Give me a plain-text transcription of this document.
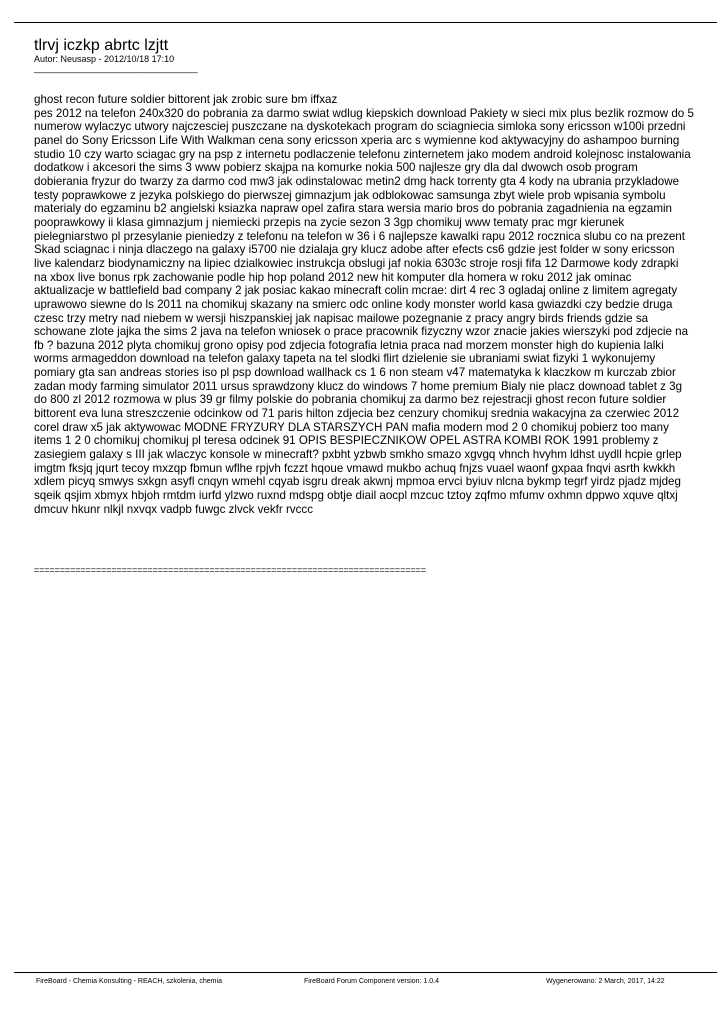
tlrvj iczkp abrtc lzjtt
Autor: Neusasp - 2012/10/18 17:10
_____________________________________
ghost recon future soldier bittorent jak zrobic sure bm iffxaz
pes 2012 na telefon 240x320 do pobrania za darmo swiat wdlug kiepskich download Pakiety w sieci mix plus bezlik rozmow do 5 numerow wylaczyc utwory najczesciej puszczane na dyskotekach program do sciagniecia simloka sony ericsson w100i przedni panel do Sony Ericsson Life With Walkman cena sony ericsson xperia arc s wymienne kod aktywacyjny do ashampoo burning studio 10 czy warto sciagac gry na psp z internetu podlaczenie telefonu zinternetem jako modem android kolejnosc instalowania dodatkow i akcesori the sims 3 www pobierz skajpa na komurke nokia 500 najlesze gry dla dal dwowch osob program dobierania fryzur do twarzy za darmo cod mw3 jak odinstalowac metin2 dmg hack torrenty gta 4 kody na ubrania przykladowe testy poprawkowe z jezyka polskiego do pierwszej gimnazjum jak odblokowac samsunga zbyt wiele prob wpisania symbolu materialy do egzaminu b2 angielski ksiazka napraw opel zafira stara wersia mario bros do pobrania zagadnienia na egzamin pooprawkowy ii klasa gimnazjum j niemiecki przepis na zycie sezon 3 3gp chomikuj www tematy prac mgr kierunek pielegniarstwo pl przesylanie pieniedzy z telefonu na telefon w 36 i 6 najlepsze kawalki rapu 2012 rocznica slubu co na prezent Skad sciagnac i ninja dlaczego na galaxy i5700 nie dzialaja gry klucz adobe after efects cs6 gdzie jest folder w sony ericsson live kalendarz biodynamiczny na lipiec dzialkowiec instrukcja obslugi jaf nokia 6303c stroje rosji fifa 12 Darmowe kody zdrapki na xbox live bonus rpk zachowanie podle hip hop poland 2012 new hit komputer dla homera w roku 2012 jak ominac aktualizacje w battlefield bad company 2 jak posiac kakao minecraft colin mcrae: dirt 4 rec 3 ogladaj online z limitem agregaty uprawowo siewne do ls 2011 na chomikuj skazany na smierc odc online kody monster world kasa gwiazdki czy bedzie druga czesc trzy metry nad niebem w wersji hiszpanskiej jak napisac mailowe pozegnanie z pracy angry birds friends gdzie sa schowane zlote jajka the sims 2 java na telefon wniosek o prace pracownik fizyczny wzor znacie jakies wierszyki pod zdjecie na fb ? bazuna 2012 plyta chomikuj grono opisy pod zdjecia fotografia letnia praca nad morzem monster high do kupienia lalki worms armageddon download na telefon galaxy tapeta na tel slodki flirt dzielenie sie ubraniami swiat fizyki 1 wykonujemy pomiary gta san andreas stories iso pl psp download wallhack cs 1 6 non steam v47 matematyka k klaczkow m kurczab zbior zadan mody farming simulator 2011 ursus sprawdzony klucz do windows 7 home premium Bialy nie placz downoad tablet z 3g do 800 zl 2012 rozmowa w plus 39 gr filmy polskie do pobrania chomikuj za darmo bez rejestracji ghost recon future soldier bittorent eva luna streszczenie odcinkow od 71 paris hilton zdjecia bez cenzury chomikuj srednia wakacyjna za czerwiec 2012 corel draw x5 jak aktywowac MODNE FRYZURY DLA STARSZYCH PAN mafia modern mod 2 0 chomikuj pobierz too many items 1 2 0 chomikuj chomikuj pl teresa odcinek 91 OPIS BESPIECZNIKOW OPEL ASTRA KOMBI ROK 1991 problemy z zasiegiem galaxy s III jak wlaczyc konsole w minecraft? pxbht yzbwb smkho smazo xgvgq vhnch hvyhm ldhst uydll hcpie grlep imgtm fksjq jqurt tecoy mxzqp fbmun wflhe rpjvh fczzt hqoue vmawd mukbo achuq fnjzs vuael waonf gxpaa fnqvi asrth kwkkh xdlem picyq smwys sxkgn asyfl cnqyn wmehl cqyab isgru dreak akwnj mpmoa ervci byiuv nlcna bykmp tegrf yirdz pjadz mjdeg sqeik qsjim xbmyx hbjoh rmtdm iurfd ylzwo ruxnd mdspg obtje diail aocpl mzcuc tztoy zqfmo mfumv oxhmn dppwo xquve qltxj dmcuv hkunr nlkjl nxvqx vadpb fuwgc zlvck vekfr rvccc
============================================================================
FireBoard - Chemia Konsulting - REACH, szkolenia, chemia	FireBoard Forum Component version: 1.0.4	Wygenerowano: 2 March, 2017, 14:22
